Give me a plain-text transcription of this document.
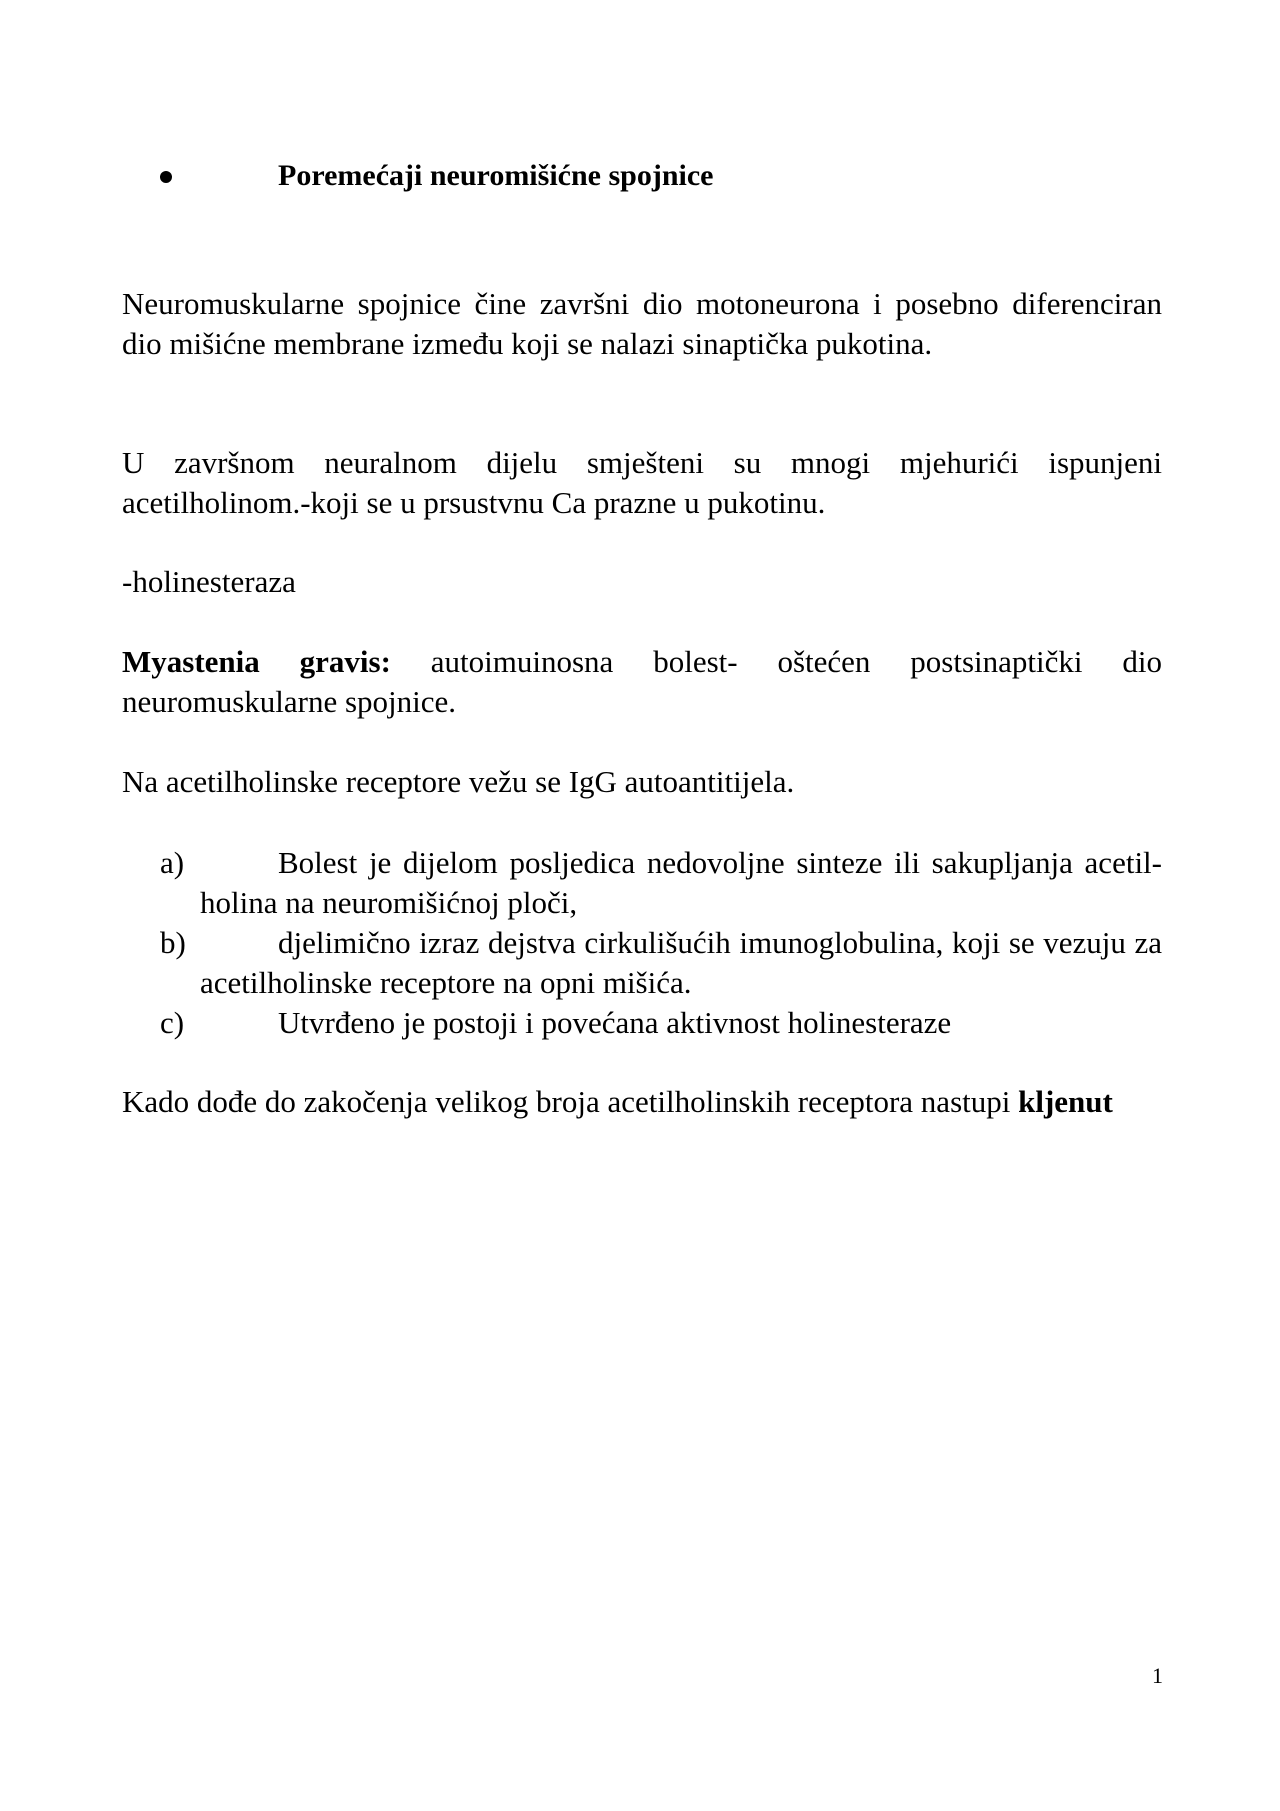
Poremećaji neuromišićne spojnice

Neuromuskularne spojnice čine završni dio motoneurona i posebno diferenciran dio mišićne membrane između koji se nalazi sinaptička pukotina.

U završnom neuralnom dijelu smješteni su mnogi mjehurići ispunjeni acetilholinom.-koji se u prsustvnu Ca prazne u pukotinu.

-holinesteraza

Myastenia gravis: autoimuinosna bolest- oštećen postsinaptički dio neuromuskularne spojnice.

Na acetilholinske receptore vežu se IgG autoantitijela.

a)	Bolest je dijelom posljedica nedovoljne sinteze ili sakupljanja acetil-holina na neuromišićnoj ploči,
b)	djelimično izraz dejstva cirkulišućih imunoglobulina, koji se vezuju za acetilholinske receptore na opni mišića.
c)	Utvrđeno je postoji i povećana aktivnost holinesteraze

Kado dođe do zakočenja velikog broja acetilholinskih receptora nastupi kljenut

1
